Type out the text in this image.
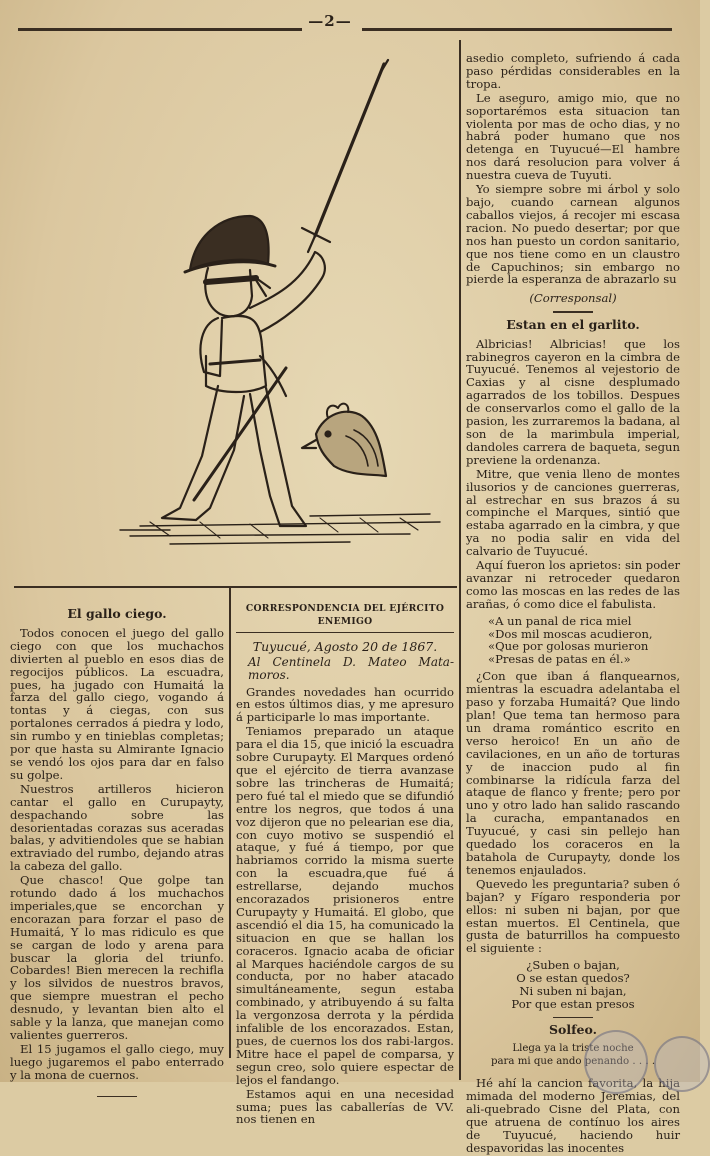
—2—
El gallo ciego.

Todos conocen el juego del gallo ciego con que los muchachos divierten al pueblo en esos dias de regocijos públicos. La escuadra, pues, ha jugado con Humaitá la farza del gallo ciego, vogando á tontas y á ciegas, con sus portalones cerrados á piedra y lodo, sin rumbo y en tinieblas completas; por que hasta su Almirante Ignacio se vendó los ojos para dar en falso su golpe.

Nuestros artilleros hicieron cantar el gallo en Curupayty, despachando sobre las desorientadas corazas sus aceradas balas, y advitiendoles que se habian extraviado del rumbo, dejando atras la cabeza del gallo.

Que chasco! Que golpe tan rotundo dado á los muchachos imperiales,que se encorchan y encorazan para forzar el paso de Humaitá, Y lo mas ridiculo es que se cargan de lodo y arena para buscar la gloria del triunfo. Cobardes! Bien merecen la rechifla y los silvidos de nuestros bravos, que siempre muestran el pecho desnudo, y levantan bien alto el sable y la lanza, que manejan como valientes guerreros.

El 15 jugamos el gallo ciego, muy luego jugaremos el pabo enterrado y la mona de cuernos.

CORRESPONDENCIA DEL EJÉRCITO ENEMIGO
Tuyucué, Agosto 20 de 1867.
Al Centinela D. Mateo Mata-moros.

Grandes novedades han ocurrido en estos últimos dias, y me apresuro á participarle lo mas importante.

Teniamos preparado un ataque para el dia 15, que inició la escuadra sobre Curupayty. El Marques ordenó que el ejército de tierra avanzase sobre las trincheras de Humaitá; pero fué tal el miedo que se difundió entre los negros, que todos á una voz dijeron que no pelearian ese dia, con cuyo motivo se suspendió el ataque, y fué á tiempo, por que habriamos corrido la misma suerte con la escuadra,que fué á estrellarse, dejando muchos encorazados prisioneros entre Curupayty y Humaitá. El globo, que ascendió el dia 15, ha comunicado la situacion en que se hallan los coraceros. Ignacio acaba de oficiar al Marques haciéndole cargos de su conducta, por no haber atacado simultáneamente, segun estaba combinado, y atribuyendo á su falta la vergonzosa derrota y la pérdida infalible de los encorazados. Estan, pues, de cuernos los dos rabi-largos. Mitre hace el papel de comparsa, y segun creo, solo quiere espectar de lejos el fandango.

Estamos aqui en una necesidad suma; pues las caballerías de VV. nos tienen en

asedio completo, sufriendo á cada paso pérdidas considerables en la tropa.

Le aseguro, amigo mio, que no soportarémos esta situacion tan violenta por mas de ocho dias, y no habrá poder humano que nos detenga en Tuyucué—El hambre nos dará resolucion para volver á nuestra cueva de Tuyuti.

Yo siempre sobre mi árbol y solo bajo, cuando carnean algunos caballos viejos, á recojer mi escasa racion. No puedo desertar; por que nos han puesto un cordon sanitario, que nos tiene como en un claustro de Capuchinos; sin embargo no pierde la esperanza de abrazarlo su

(Corresponsal)
Estan en el garlito.

Albricias! Albricias! que los rabinegros cayeron en la cimbra de Tuyucué. Tenemos al vejestorio de Caxias y al cisne desplumado agarrados de los tobillos. Despues de conservarlos como el gallo de la pasion, les zurraremos la badana, al son de la marimbula imperial, dandoles carrera de baqueta, segun previene la ordenanza.

Mitre, que venia lleno de montes ilusorios y de canciones guerreras, al estrechar en sus brazos á su compinche el Marques, sintió que estaba agarrado en la cimbra, y que ya no podia salir en vida del calvario de Tuyucué.

Aquí fueron los aprietos: sin poder avanzar ni retroceder quedaron como las moscas en las redes de las arañas, ó como dice el fabulista.

«A un panal de rica miel
«Dos mil moscas acudieron,
«Que por golosas murieron
«Presas de patas en él.»

¿Con que iban á flanquearnos, mientras la escuadra adelantaba el paso y forzaba Humaitá? Que lindo plan! Que tema tan hermoso para un drama romántico escrito en verso heroico! En un año de cavilaciones, en un año de torturas y de inaccion pudo al fin combinarse la ridícula farza del ataque de flanco y frente; pero por uno y otro lado han salido rascando la curacha, empantanados en Tuyucué, y casi sin pellejo han quedado los coraceros en la batahola de Curupayty, donde los tenemos enjaulados.

Quevedo les preguntaria? suben ó bajan? y Fígaro responderia por ellos: ni suben ni bajan, por que estan muertos. El Centinela, que gusta de baturrillos ha compuesto el siguiente :

¿Suben o bajan,
O se estan quedos?
Ni suben ni bajan,
Por que estan presos
Solfeo.
Llega ya la triste noche
para mi que ando penando . . . .

Hé ahí la cancion favorita, la hija mimada del moderno Jeremias, del ali-quebrado Cisne del Plata, con que atruena de contínuo los aires de Tuyucué, haciendo huir despavoridas las inocentes
